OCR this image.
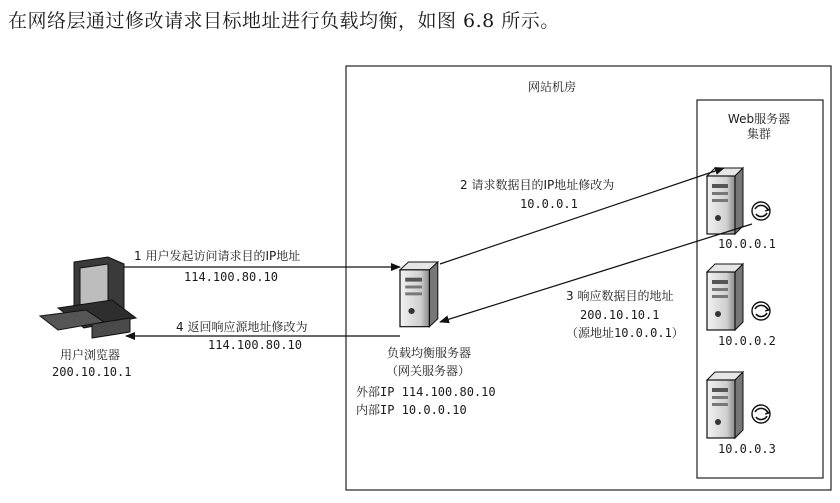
在网络层通过修改请求目标地址进行负载均衡，如图 6.8 所示。
网站机房
Web服务器
集群
10.0.0.1
10.0.0.2
10.0.0.3
用户浏览器
200.10.10.1
负载均衡服务器
（网关服务器）
外部IP 114.100.80.10
内部IP 10.0.0.10
1 用户发起访问请求目的IP地址
114.100.80.10
2 请求数据目的IP地址修改为
10.0.0.1
3 响应数据目的地址
200.10.10.1
（源地址10.0.0.1）
4 返回响应源地址修改为
114.100.80.10
